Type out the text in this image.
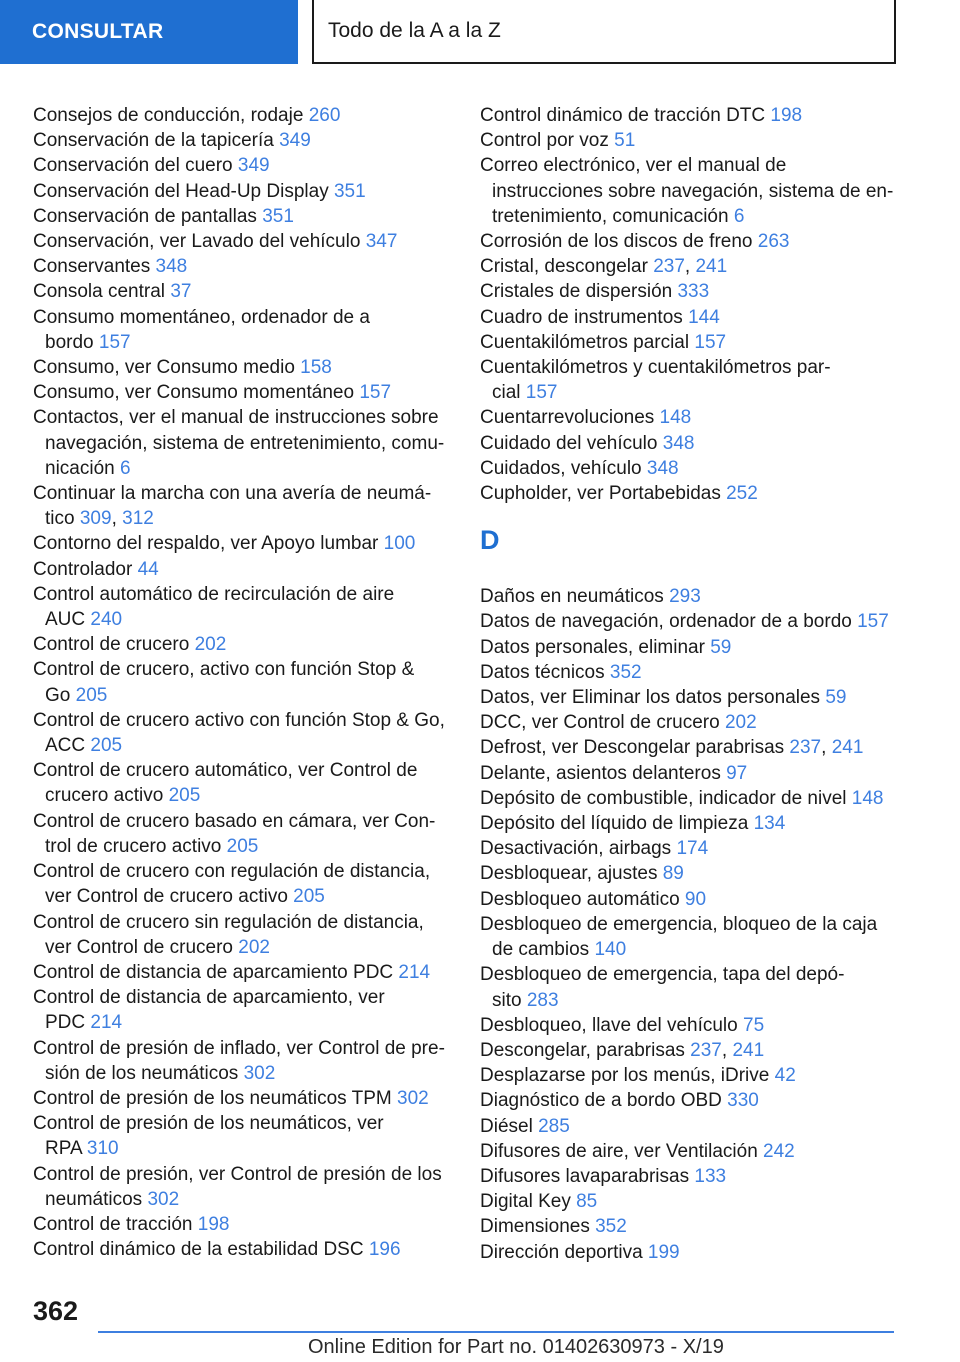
CONSULTAR	Todo de la A a la Z
Consejos de conducción, rodaje 260
Conservación de la tapicería 349
Conservación del cuero 349
Conservación del Head-Up Display 351
Conservación de pantallas 351
Conservación, ver Lavado del vehículo 347
Conservantes 348
Consola central 37
Consumo momentáneo, ordenador de a
bordo 157
Consumo, ver Consumo medio 158
Consumo, ver Consumo momentáneo 157
Contactos, ver el manual de instrucciones sobre
navegación, sistema de entretenimiento, comu-
nicación 6
Continuar la marcha con una avería de neumá-
tico 309, 312
Contorno del respaldo, ver Apoyo lumbar 100
Controlador 44
Control automático de recirculación de aire
AUC 240
Control de crucero 202
Control de crucero, activo con función Stop &
Go 205
Control de crucero activo con función Stop & Go,
ACC 205
Control de crucero automático, ver Control de
crucero activo 205
Control de crucero basado en cámara, ver Con-
trol de crucero activo 205
Control de crucero con regulación de distancia,
ver Control de crucero activo 205
Control de crucero sin regulación de distancia,
ver Control de crucero 202
Control de distancia de aparcamiento PDC 214
Control de distancia de aparcamiento, ver
PDC 214
Control de presión de inflado, ver Control de pre-
sión de los neumáticos 302
Control de presión de los neumáticos TPM 302
Control de presión de los neumáticos, ver
RPA 310
Control de presión, ver Control de presión de los
neumáticos 302
Control de tracción 198
Control dinámico de la estabilidad DSC 196
Control dinámico de tracción DTC 198
Control por voz 51
Correo electrónico, ver el manual de
instrucciones sobre navegación, sistema de en-
tretenimiento, comunicación 6
Corrosión de los discos de freno 263
Cristal, descongelar 237, 241
Cristales de dispersión 333
Cuadro de instrumentos 144
Cuentakilómetros parcial 157
Cuentakilómetros y cuentakilómetros par-
cial 157
Cuentarrevoluciones 148
Cuidado del vehículo 348
Cuidados, vehículo 348
Cupholder, ver Portabebidas 252
D
Daños en neumáticos 293
Datos de navegación, ordenador de a bordo 157
Datos personales, eliminar 59
Datos técnicos 352
Datos, ver Eliminar los datos personales 59
DCC, ver Control de crucero 202
Defrost, ver Descongelar parabrisas 237, 241
Delante, asientos delanteros 97
Depósito de combustible, indicador de nivel 148
Depósito del líquido de limpieza 134
Desactivación, airbags 174
Desbloquear, ajustes 89
Desbloqueo automático 90
Desbloqueo de emergencia, bloqueo de la caja
de cambios 140
Desbloqueo de emergencia, tapa del depó-
sito 283
Desbloqueo, llave del vehículo 75
Descongelar, parabrisas 237, 241
Desplazarse por los menús, iDrive 42
Diagnóstico de a bordo OBD 330
Diésel 285
Difusores de aire, ver Ventilación 242
Difusores lavaparabrisas 133
Digital Key 85
Dimensiones 352
Dirección deportiva 199
362
Online Edition for Part no. 01402630973 - X/19
